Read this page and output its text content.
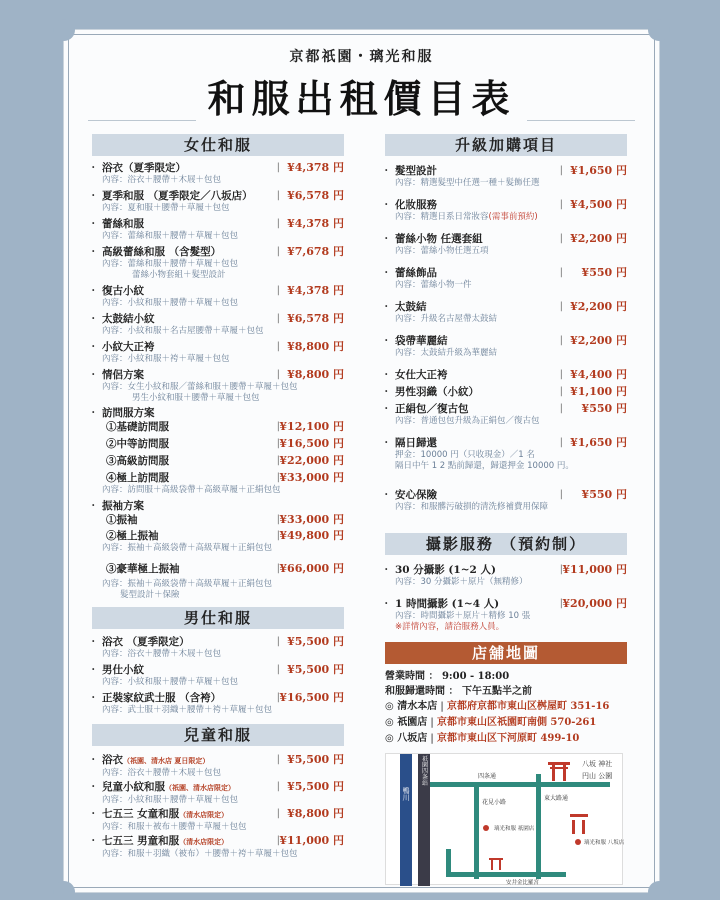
京都祇園・璃光和服
和服出租價目表
女仕和服
・ 浴衣（夏季限定）	| ¥4,378 円
內容：浴衣＋腰帶＋木屐＋包包
・ 夏季和服 （夏季限定／八坂店）	| ¥6,578 円
內容：夏和服＋腰帶＋草履＋包包
・ 蕾絲和服	| ¥4,378 円
內容：蕾絲和服＋腰帶＋草履＋包包
・ 高級蕾絲和服 （含髮型）	| ¥7,678 円
內容：蕾絲和服＋腰帶＋草履＋包包
蕾絲小物套組＋髮型設計
・ 復古小紋	| ¥4,378 円
內容：小紋和服＋腰帶＋草履＋包包
・ 太鼓結小紋	| ¥6,578 円
內容：小紋和服＋名古屋腰帶＋草履＋包包
・ 小紋大正袴	| ¥8,800 円
內容：小紋和服＋袴＋草履＋包包
・ 情侶方案	| ¥8,800 円
內容：女生小紋和服／蕾絲和服＋腰帶＋草履＋包包
男生小紋和服＋腰帶＋草履＋包包
・ 訪問服方案
①基礎訪問服	| ¥12,100 円
②中等訪問服	| ¥16,500 円
③高級訪問服	| ¥22,000 円
④極上訪問服	| ¥33,000 円
內容：訪問服＋高級袋帶＋高級草履＋正絹包包
・ 振袖方案
①振袖	| ¥33,000 円
②極上振袖	| ¥49,800 円
內容：振袖＋高級袋帶＋高級草履＋正絹包包
③豪華極上振袖	| ¥66,000 円
內容：振袖＋高級袋帶＋高級草履＋正絹包包
髮型設計＋保險
男仕和服
・ 浴衣 （夏季限定）	| ¥5,500 円
內容：浴衣＋腰帶＋木屐＋包包
・ 男仕小紋	| ¥5,500 円
內容：小紋和服＋腰帶＋草履＋包包
・ 正裝家紋武士服 （含袴）	| ¥16,500 円
內容：武士服＋羽織＋腰帶＋袴＋草履＋包包
兒童和服
・ 浴衣（祇園、清水店 夏日限定）	| ¥5,500 円
內容：浴衣＋腰帶＋木屐＋包包
・ 兒童小紋和服（祇園、清水店限定）	| ¥5,500 円
內容：小紋和服＋腰帶＋草履＋包包
・ 七五三 女童和服（清水店限定）	| ¥8,800 円
內容：和服＋被布＋腰帶＋草履＋包包
・ 七五三 男童和服（清水店限定）	| ¥11,000 円
內容：和服＋羽織（被布）＋腰帶＋袴＋草履＋包包
升級加購項目
・ 髮型設計	| ¥1,650 円
內容：精選髮型中任選一種＋髮飾任選
・ 化妝服務	| ¥4,500 円
內容：精選日系日常妝容(需事前預約)
・ 蕾絲小物 任選套組	| ¥2,200 円
內容：蕾絲小物任選五項
・ 蕾絲飾品	| ¥550 円
內容：蕾絲小物一件
・ 太鼓結	| ¥2,200 円
內容：升級名古屋帶太鼓結
・ 袋帶華麗結	| ¥2,200 円
內容：太鼓結升級為華麗結
・ 女仕大正袴	| ¥4,400 円
・ 男性羽織（小紋）	| ¥1,100 円
・ 正絹包／復古包	| ¥550 円
內容：普通包包升級為正絹包／復古包
・ 隔日歸還	| ¥1,650 円
押金：10000 円（只收現金）／1 名
隔日中午 1 2 點前歸還，歸還押金 10000 円。
・ 安心保險	| ¥550 円
內容：和服髒污破損的清洗修補費用保障
攝影服務 （預約制）
・ 30 分攝影 (1~2 人)	| ¥11,000 円
內容：30 分攝影＋原片（無精修）
・ 1 時間攝影 (1~4 人)	| ¥20,000 円
內容：時間攝影＋原片＋精修 10 張
※詳情內容，請洽服務人員。
店舖地圖
營業時間 ： 9:00 - 18:00
和服歸還時間 ： 下午五點半之前
◎ 清水本店 | 京都府京都市東山区桝屋町 351-16
◎ 祇園店 | 京都市東山区祇園町南側 570-261
◎ 八坂店 | 京都市東山区下河原町 499-10
鴨川
京阪 祇園四条站	四条通
花見小路
東大路通
八坂 神社
円山 公園
璃光和服 祇園店
璃光和服 八坂店
安井金比羅宮
